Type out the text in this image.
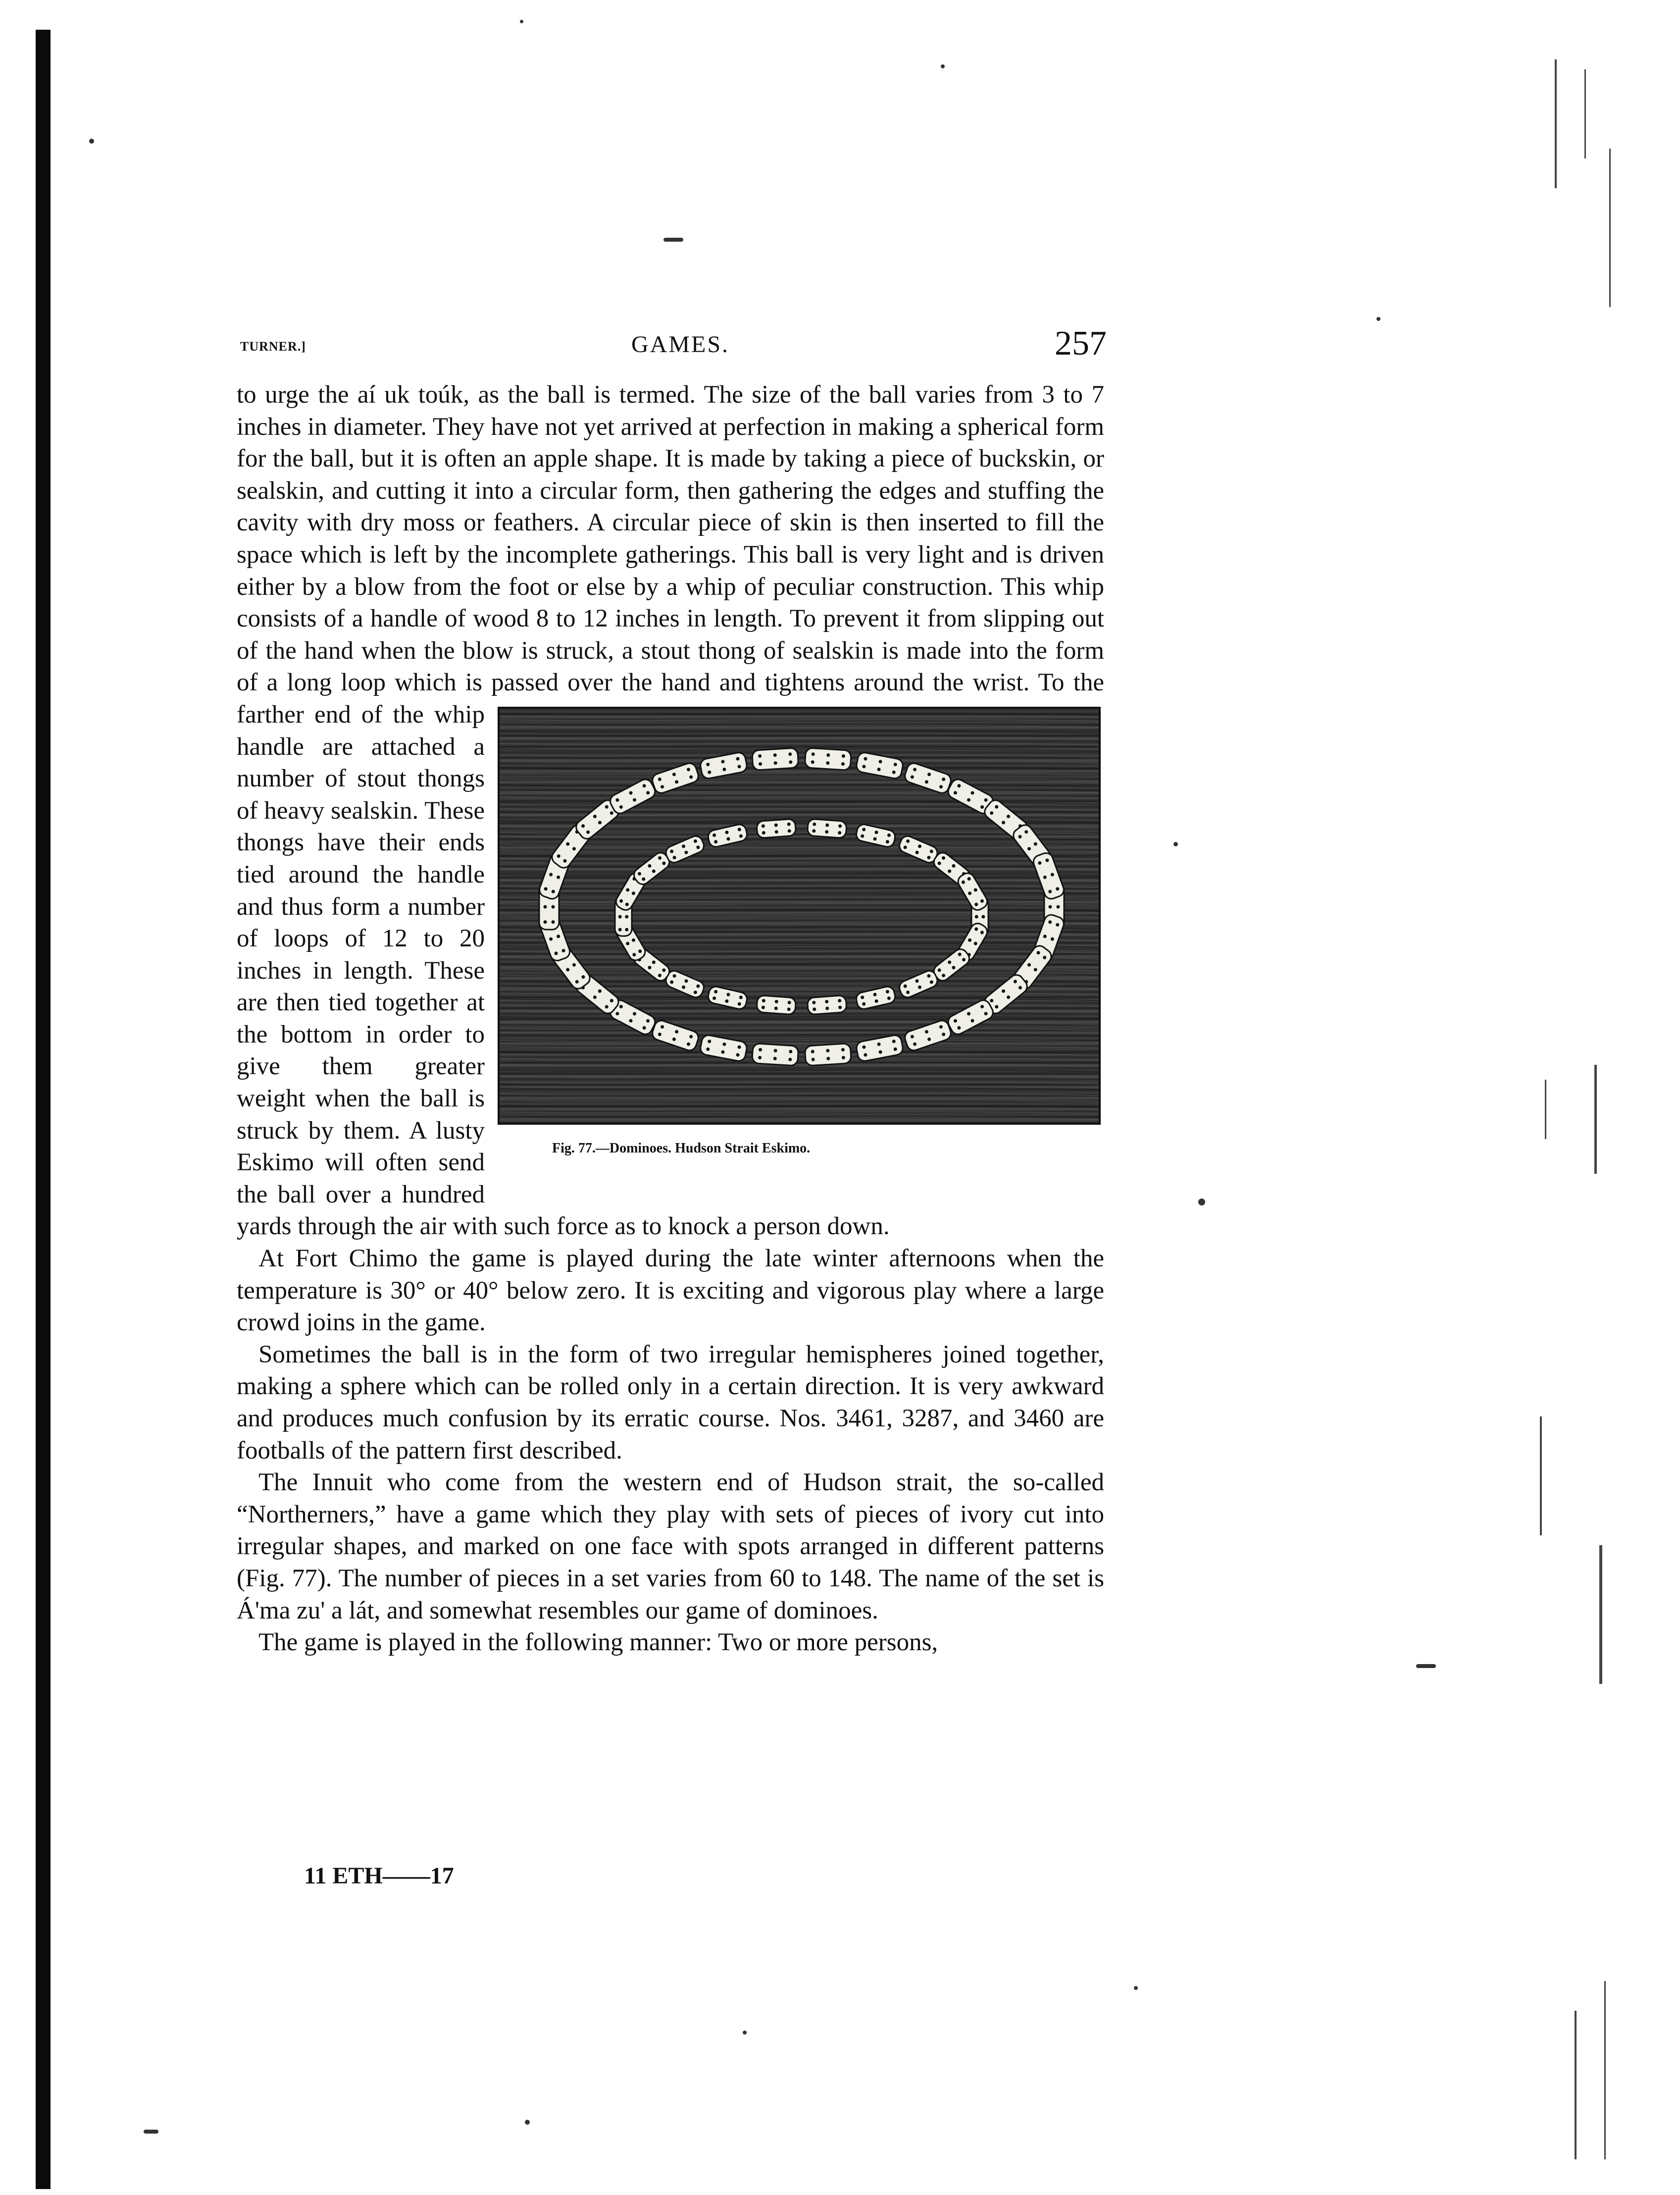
TURNER.]	GAMES.	257

to urge the aí uk toúk, as the ball is termed. The size of the ball varies from 3 to 7 inches in diameter. They have not yet arrived at perfection in making a spherical form for the ball, but it is often an apple shape. It is made by taking a piece of buckskin, or sealskin, and cutting it into a circular form, then gathering the edges and stuffing the cavity with dry moss or feathers. A circular piece of skin is then inserted to fill the space which is left by the incomplete gatherings. This ball is very light and is driven either by a blow from the foot or else by a whip of peculiar construction. This whip consists of a handle of wood 8 to 12 inches in length. To prevent it from slipping out of the hand when the blow is struck, a stout thong of sealskin is made into the form of a long loop which is passed over the hand and tightens around the wrist. To the farther end of the
Fig. 77.—Dominoes. Hudson Strait Eskimo.
whip handle are attached a number of stout thongs of heavy sealskin. These thongs have their ends tied around the handle and thus form a number of loops of 12 to 20 inches in length. These are then tied together at the bottom in order to give them greater weight when the ball is struck by them. A lusty Eskimo will often send the ball over a hundred yards through the air with such force as to knock a person down.

At Fort Chimo the game is played during the late winter afternoons when the temperature is 30° or 40° below zero. It is exciting and vigorous play where a large crowd joins in the game.

Sometimes the ball is in the form of two irregular hemispheres joined together, making a sphere which can be rolled only in a certain direction. It is very awkward and produces much confusion by its erratic course. Nos. 3461, 3287, and 3460 are footballs of the pattern first described.

The Innuit who come from the western end of Hudson strait, the so-called “Northerners,” have a game which they play with sets of pieces of ivory cut into irregular shapes, and marked on one face with spots arranged in different patterns (Fig. 77). The number of pieces in a set varies from 60 to 148. The name of the set is Á'ma zu' a lát, and somewhat resembles our game of dominoes.

The game is played in the following manner: Two or more persons,

11 ETH——17
